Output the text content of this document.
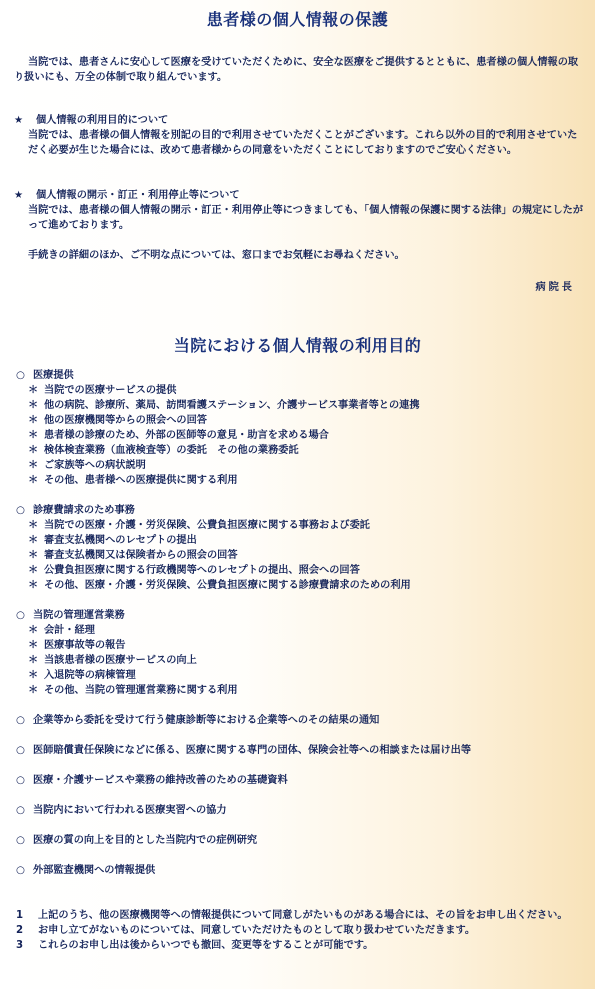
患者様の個人情報の保護

当院では、患者さんに安心して医療を受けていただくために、安全な医療をご提供するとともに、患者様の個人情報の取り扱いにも、万全の体制で取り組んでいます。

★	個人情報の利用目的について
当院では、患者様の個人情報を別記の目的で利用させていただくことがございます。これら以外の目的で利用させていただく必要が生じた場合には、改めて患者様からの同意をいただくことにしておりますのでご安心ください。
★	個人情報の開示・訂正・利用停止等について
当院では、患者様の個人情報の開示・訂正・利用停止等につきましても、「個人情報の保護に関する法律」の規定にしたがって進めております。
手続きの詳細のほか、ご不明な点については、窓口までお気軽にお尋ねください。
病院長
当院における個人情報の利用目的
○ 医療提供
＊ 当院での医療サービスの提供
＊ 他の病院、診療所、薬局、訪問看護ステーション、介護サービス事業者等との連携
＊ 他の医療機関等からの照会への回答
＊ 患者様の診療のため、外部の医師等の意見・助言を求める場合
＊ 検体検査業務（血液検査等）の委託　その他の業務委託
＊ ご家族等への病状説明
＊ その他、患者様への医療提供に関する利用
○ 診療費請求のため事務
＊ 当院での医療・介護・労災保険、公費負担医療に関する事務および委託
＊ 審査支払機関へのレセプトの提出
＊ 審査支払機関又は保険者からの照会の回答
＊ 公費負担医療に関する行政機関等へのレセプトの提出、照会への回答
＊ その他、医療・介護・労災保険、公費負担医療に関する診療費請求のための利用
○ 当院の管理運営業務
＊ 会計・経理
＊ 医療事故等の報告
＊ 当該患者様の医療サービスの向上
＊ 入退院等の病棟管理
＊ その他、当院の管理運営業務に関する利用
○ 企業等から委託を受けて行う健康診断等における企業等へのその結果の通知
○ 医師賠償責任保険になどに係る、医療に関する専門の団体、保険会社等への相談または届け出等
○ 医療・介護サービスや業務の維持改善のための基礎資料
○ 当院内において行われる医療実習への協力
○ 医療の質の向上を目的とした当院内での症例研究
○ 外部監査機関への情報提供
1	上記のうち、他の医療機関等への情報提供について同意しがたいものがある場合には、その旨をお申し出ください。
2	お申し立てがないものについては、同意していただけたものとして取り扱わせていただきます。
3	これらのお申し出は後からいつでも撤回、変更等をすることが可能です。
